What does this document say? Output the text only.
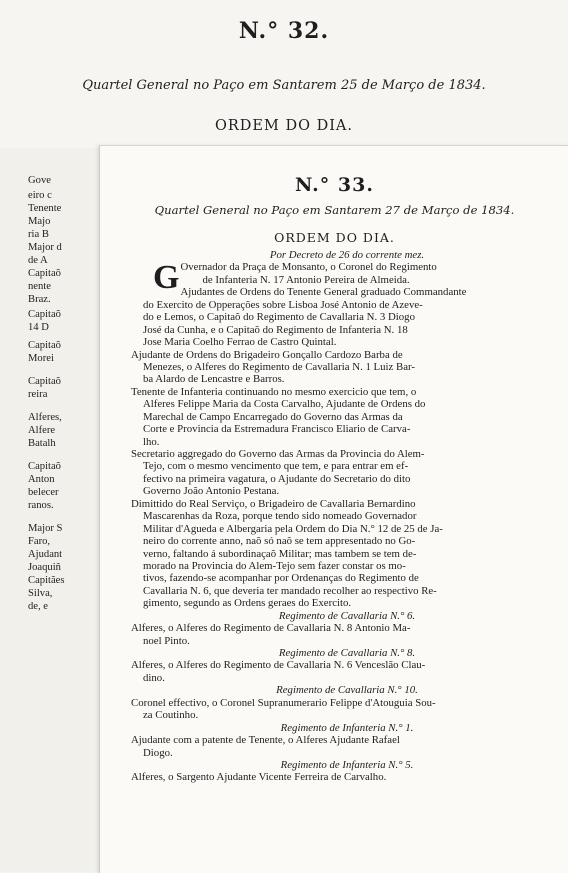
N.° 32.
Quartel General no Paço em Santarem 25 de Março de 1834.
ORDEM DO DIA.
Gove
eiro c
Tenente
Majo
ria B
Major d
de A
Capitaõ
nente
Braz.
Capitaõ
14 D
Capitaõ
Morei
Capitaõ
reira
Alferes,
Alfere
Batalh
Capitaõ
Anton
belecer
ranos.
Major S
Faro,
Ajudant
Joaquiñ
Capitães
Silva,
de, e
N.° 33.
Quartel General no Paço em Santarem 27 de Março de 1834.
ORDEM DO DIA.
Por Decreto de 26 do corrente mez.
G Overnador da Praça de Monsanto, o Coronel do Regimento
de Infanteria N. 17 Antonio Pereira de Almeida.
Ajudantes de Ordens do Tenente General graduado Commandante
do Exercito de Opperações sobre Lisboa José Antonio de Azeve-
do e Lemos, o Capitaõ do Regimento de Cavallaria N. 3 Diogo
José da Cunha, e o Capitaõ do Regimento de Infanteria N. 18
Jose Maria Coelho Ferrao de Castro Quintal.
Ajudante de Ordens do Brigadeiro Gonçallo Cardozo Barba de
Menezes, o Alferes do Regimento de Cavallaria N. 1 Luiz Bar-
ba Alardo de Lencastre e Barros.
Tenente de Infanteria continuando no mesmo exercicio que tem, o
Alferes Felippe Maria da Costa Carvalho, Ajudante de Ordens do
Marechal de Campo Encarregado do Governo das Armas da
Corte e Provincia da Estremadura Francisco Eliario de Carva-
lho.
Secretario aggregado do Governo das Armas da Provincia do Alem-
Tejo, com o mesmo vencimento que tem, e para entrar em ef-
fectivo na primeira vagatura, o Ajudante do Secretario do dito
Governo João Antonio Pestana.
Dimittido do Real Serviço, o Brigadeiro de Cavallaria Bernardino
Mascarenhas da Roza, porque tendo sido nomeado Governador
Militar d'Agueda e Albergaria pela Ordem do Dia N.° 12 de 25 de Ja-
neiro do corrente anno, naõ só naõ se tem appresentado no Go-
verno, faltando á subordinaçaõ Militar; mas tambem se tem de-
morado na Provincia do Alem-Tejo sem fazer constar os mo-
tivos, fazendo-se acompanhar por Ordenanças do Regimento de
Cavallaria N. 6, que deveria ter mandado recolher ao respectivo Re-
gimento, segundo as Ordens geraes do Exercito.
Regimento de Cavallaria N.° 6.
Alferes, o Alferes do Regimento de Cavallaria N. 8 Antonio Ma-
noel Pinto.
Regimento de Cavallaria N.° 8.
Alferes, o Alferes do Regimento de Cavallaria N. 6 Venceslão Clau-
dino.
Regimento de Cavallaria N.° 10.
Coronel effectivo, o Coronel Supranumerario Felippe d'Atouguia Sou-
za Coutinho.
Regimento de Infanteria N.° 1.
Ajudante com a patente de Tenente, o Alferes Ajudante Rafael
Diogo.
Regimento de Infanteria N.° 5.
Alferes, o Sargento Ajudante Vicente Ferreira de Carvalho.
